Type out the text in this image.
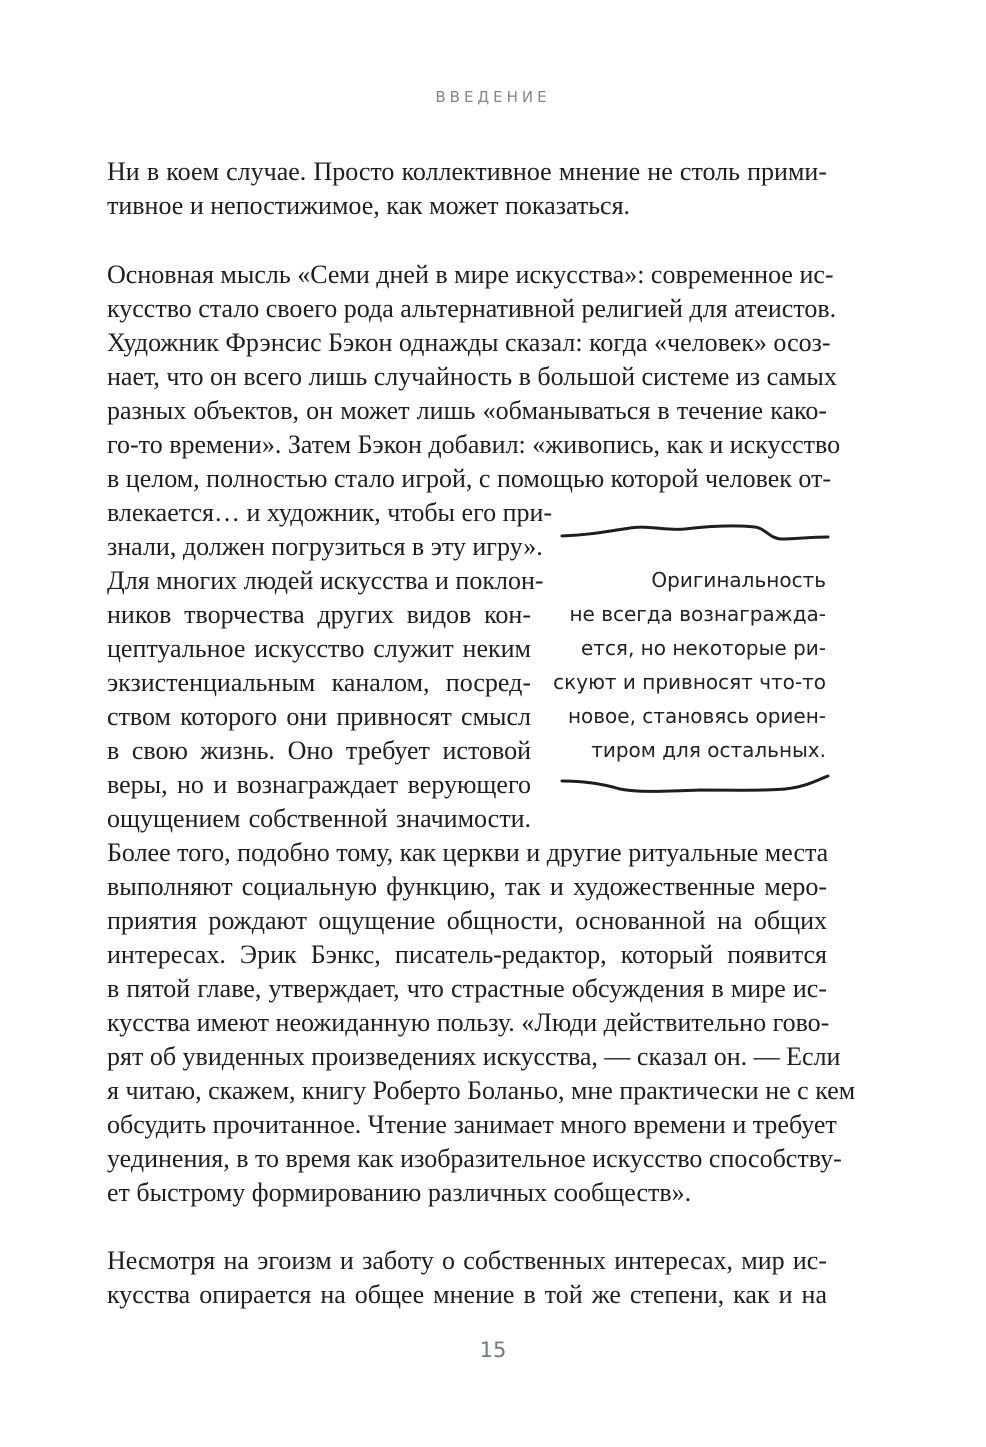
ВВЕДЕНИЕ

Ни в коем случае. Просто коллективное мнение не столь прими-

тивное и непостижимое, как может показаться.

Основная мысль «Семи дней в мире искусства»: современное ис-

кусство стало своего рода альтернативной религией для атеистов.

Художник Фрэнсис Бэкон однажды сказал: когда «человек» осоз-

нает, что он всего лишь случайность в большой системе из самых

разных объектов, он может лишь «обманываться в течение како-

го-то времени». Затем Бэкон добавил: «живопись, как и искусство

в целом, полностью стало игрой, с помощью которой человек от-

влекается… и художник, чтобы его при-

знали, должен погрузиться в эту игру».

Для многих людей искусства и поклон-

ников творчества других видов кон-

цептуальное искусство служит неким

экзистенциальным каналом, посред-

ством которого они привносят смысл

в свою жизнь. Оно требует истовой

веры, но и вознаграждает верующего

ощущением собственной значимости.

Более того, подобно тому, как церкви и другие ритуальные места

выполняют социальную функцию, так и художественные меро-

приятия рождают ощущение общности, основанной на общих

интересах. Эрик Бэнкс, писатель-редактор, который появится

в пятой главе, утверждает, что страстные обсуждения в мире ис-

кусства имеют неожиданную пользу. «Люди действительно гово-

рят об увиденных произведениях искусства, — сказал он. — Если

я читаю, скажем, книгу Роберто Боланьо, мне практически не с кем

обсудить прочитанное. Чтение занимает много времени и требует

уединения, в то время как изобразительное искусство способству-

ет быстрому формированию различных сообществ».

Несмотря на эгоизм и заботу о собственных интересах, мир ис-

кусства опирается на общее мнение в той же степени, как и на

Оригинальность

не всегда вознагражда-

ется, но некоторые ри-

скуют и привносят что-то

новое, становясь ориен-

тиром для остальных.

15
